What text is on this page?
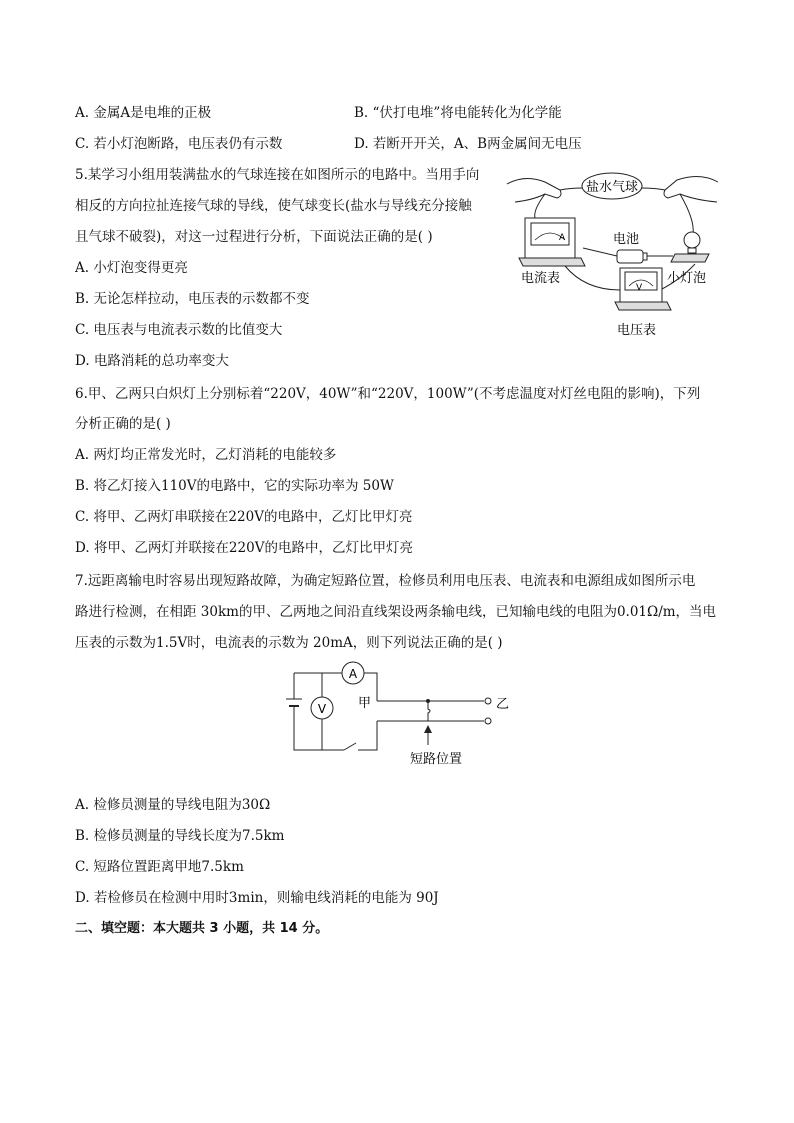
A. 金属A是电堆的正极	B. “伏打电堆”将电能转化为化学能
C. 若小灯泡断路，电压表仍有示数	D. 若断开开关，A、B两金属间无电压
5.某学习小组用装满盐水的气球连接在如图所示的电路中。当用手向
相反的方向拉扯连接气球的导线，使气球变长(盐水与导线充分接触
且气球不破裂)，对这一过程进行分析，下面说法正确的是( )
A. 小灯泡变得更亮
B. 无论怎样拉动，电压表的示数都不变
C. 电压表与电流表示数的比值变大
D. 电路消耗的总功率变大
盐水气球
A
电流表
电池
小灯泡
V
电压表
6.甲、乙两只白炽灯上分别标着“220V，40W”和“220V，100W”(不考虑温度对灯丝电阻的影响)，下列
分析正确的是( )
A. 两灯均正常发光时，乙灯消耗的电能较多
B. 将乙灯接入110V的电路中，它的实际功率为 50W
C. 将甲、乙两灯串联接在220V的电路中，乙灯比甲灯亮
D. 将甲、乙两灯并联接在220V的电路中，乙灯比甲灯亮
7.远距离输电时容易出现短路故障，为确定短路位置，检修员利用电压表、电流表和电源组成如图所示电
路进行检测，在相距 30km的甲、乙两地之间沿直线架设两条输电线，已知输电线的电阻为0.01Ω/m，当电
压表的示数为1.5V时，电流表的示数为 20mA，则下列说法正确的是( )
V
A
甲	乙
短路位置
A. 检修员测量的导线电阻为30Ω
B. 检修员测量的导线长度为7.5km
C. 短路位置距离甲地7.5km
D. 若检修员在检测中用时3min，则输电线消耗的电能为 90J
二、填空题：本大题共 3 小题，共 14 分。
